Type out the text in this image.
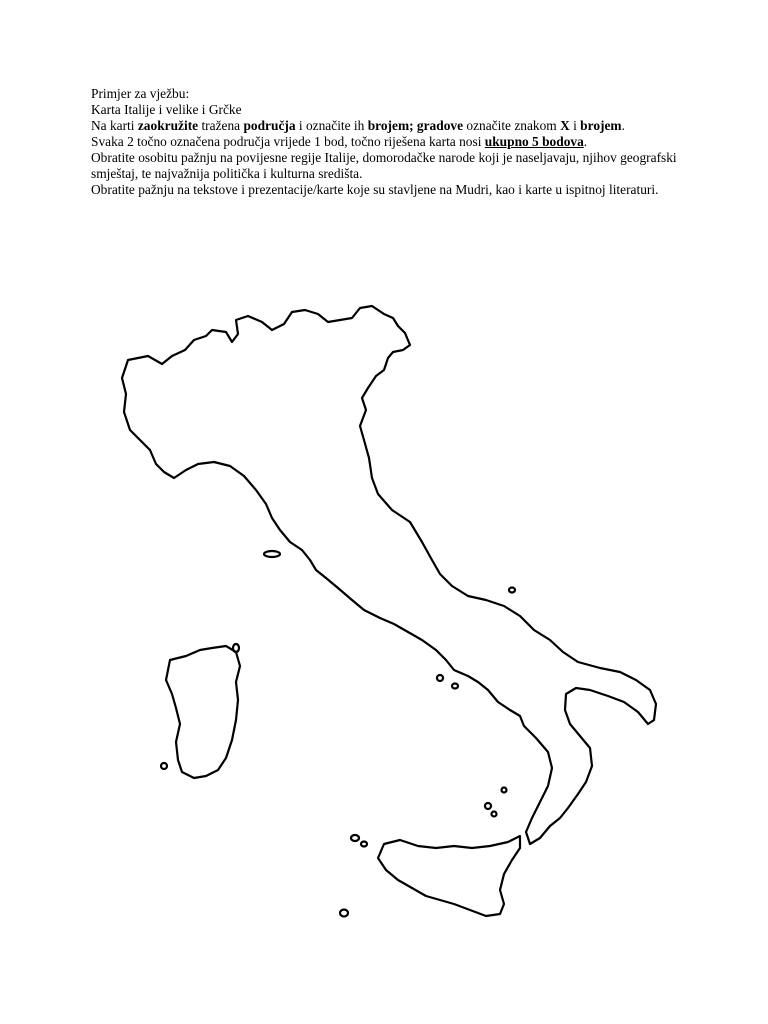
Primjer za vježbu:
Karta Italije i velike i Grčke
Na karti zaokružite tražena područja i označite ih brojem; gradove označite znakom X i brojem.
Svaka 2 točno označena područja vrijede 1 bod, točno riješena karta nosi ukupno 5 bodova.
Obratite osobitu pažnju na povijesne regije Italije, domorodačke narode koji je naseljavaju, njihov geografski smještaj, te najvažnija politička i kulturna središta.
Obratite pažnju na tekstove i prezentacije/karte koje su stavljene na Mudri, kao i karte u ispitnoj literaturi.
